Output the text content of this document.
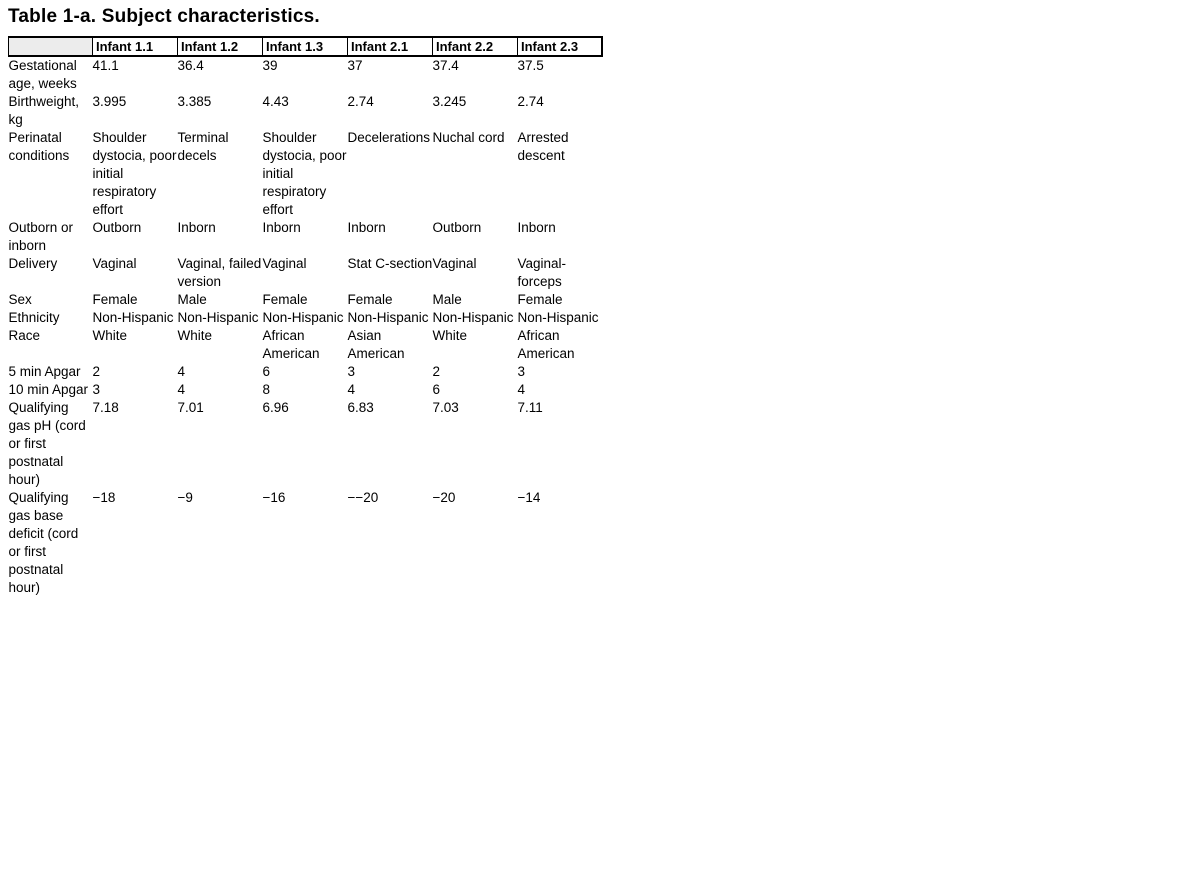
Table 1-a. Subject characteristics.
	Infant 1.1	Infant 1.2	Infant 1.3	Infant 2.1	Infant 2.2	Infant 2.3
Gestational age, weeks	41.1	36.4	39	37	37.4	37.5
Birthweight, kg	3.995	3.385	4.43	2.74	3.245	2.74
Perinatal conditions	Shoulder dystocia, poor initial respiratory effort	Terminal decels	Shoulder dystocia, poor initial respiratory effort	Decelerations	Nuchal cord	Arrested descent
Outborn or inborn	Outborn	Inborn	Inborn	Inborn	Outborn	Inborn
Delivery	Vaginal	Vaginal, failed version	Vaginal	Stat C-section	Vaginal	Vaginal-forceps
Sex	Female	Male	Female	Female	Male	Female
Ethnicity	Non-Hispanic	Non-Hispanic	Non-Hispanic	Non-Hispanic	Non-Hispanic	Non-Hispanic
Race	White	White	African American	Asian American	White	African American
5 min Apgar	2	4	6	3	2	3
10 min Apgar	3	4	8	4	6	4
Qualifying gas pH (cord or first postnatal hour)	7.18	7.01	6.96	6.83	7.03	7.11
Qualifying gas base deficit (cord or first postnatal hour)	−18	−9	−16	−−20	−20	−14
